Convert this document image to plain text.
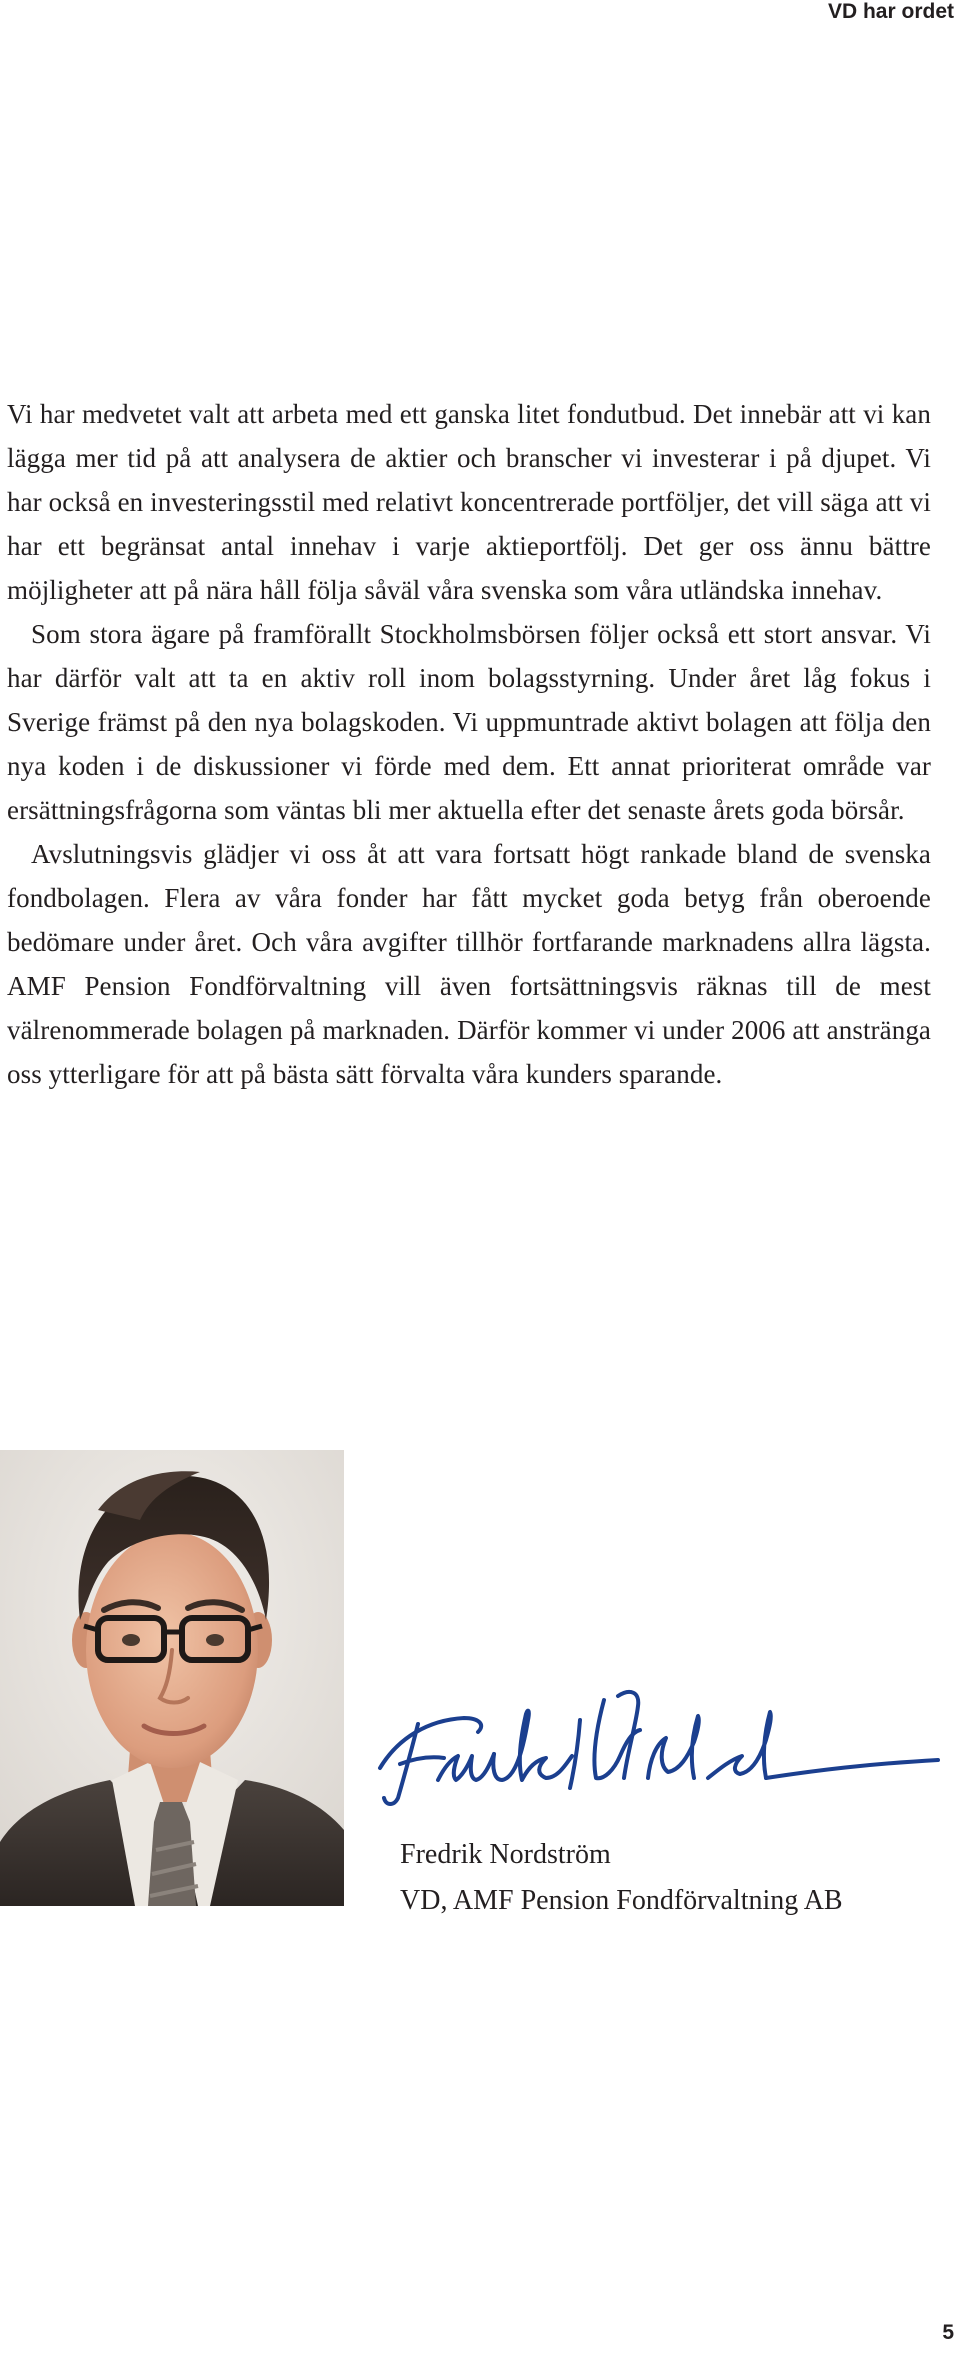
VD har ordet

Vi har medvetet valt att arbeta med ett ganska litet fondutbud. Det innebär att vi kan lägga mer tid på att analysera de aktier och branscher vi investerar i på djupet. Vi har också en investeringsstil med relativt koncentrerade portföljer, det vill säga att vi har ett begränsat antal innehav i varje aktieportfölj. Det ger oss ännu bättre möjligheter att på nära håll följa såväl våra svenska som våra utländska innehav.

Som stora ägare på framförallt Stockholmsbörsen följer också ett stort ansvar. Vi har därför valt att ta en aktiv roll inom bolagsstyrning. Under året låg fokus i Sverige främst på den nya bolagskoden. Vi uppmuntrade aktivt bolagen att följa den nya koden i de diskussioner vi förde med dem. Ett annat prioriterat område var ersättningsfrågorna som väntas bli mer aktuella efter det senaste årets goda börsår.

Avslutningsvis glädjer vi oss åt att vara fortsatt högt rankade bland de svenska fondbolagen. Flera av våra fonder har fått mycket goda betyg från oberoende bedömare under året. Och våra avgifter tillhör fortfarande marknadens allra lägsta. AMF Pension Fondförvaltning vill även fortsättningsvis räknas till de mest välrenommerade bolagen på marknaden. Därför kommer vi under 2006 att anstränga oss ytterligare för att på bästa sätt förvalta våra kunders sparande.

Fredrik Nordström
VD, AMF Pension Fondförvaltning AB
5
